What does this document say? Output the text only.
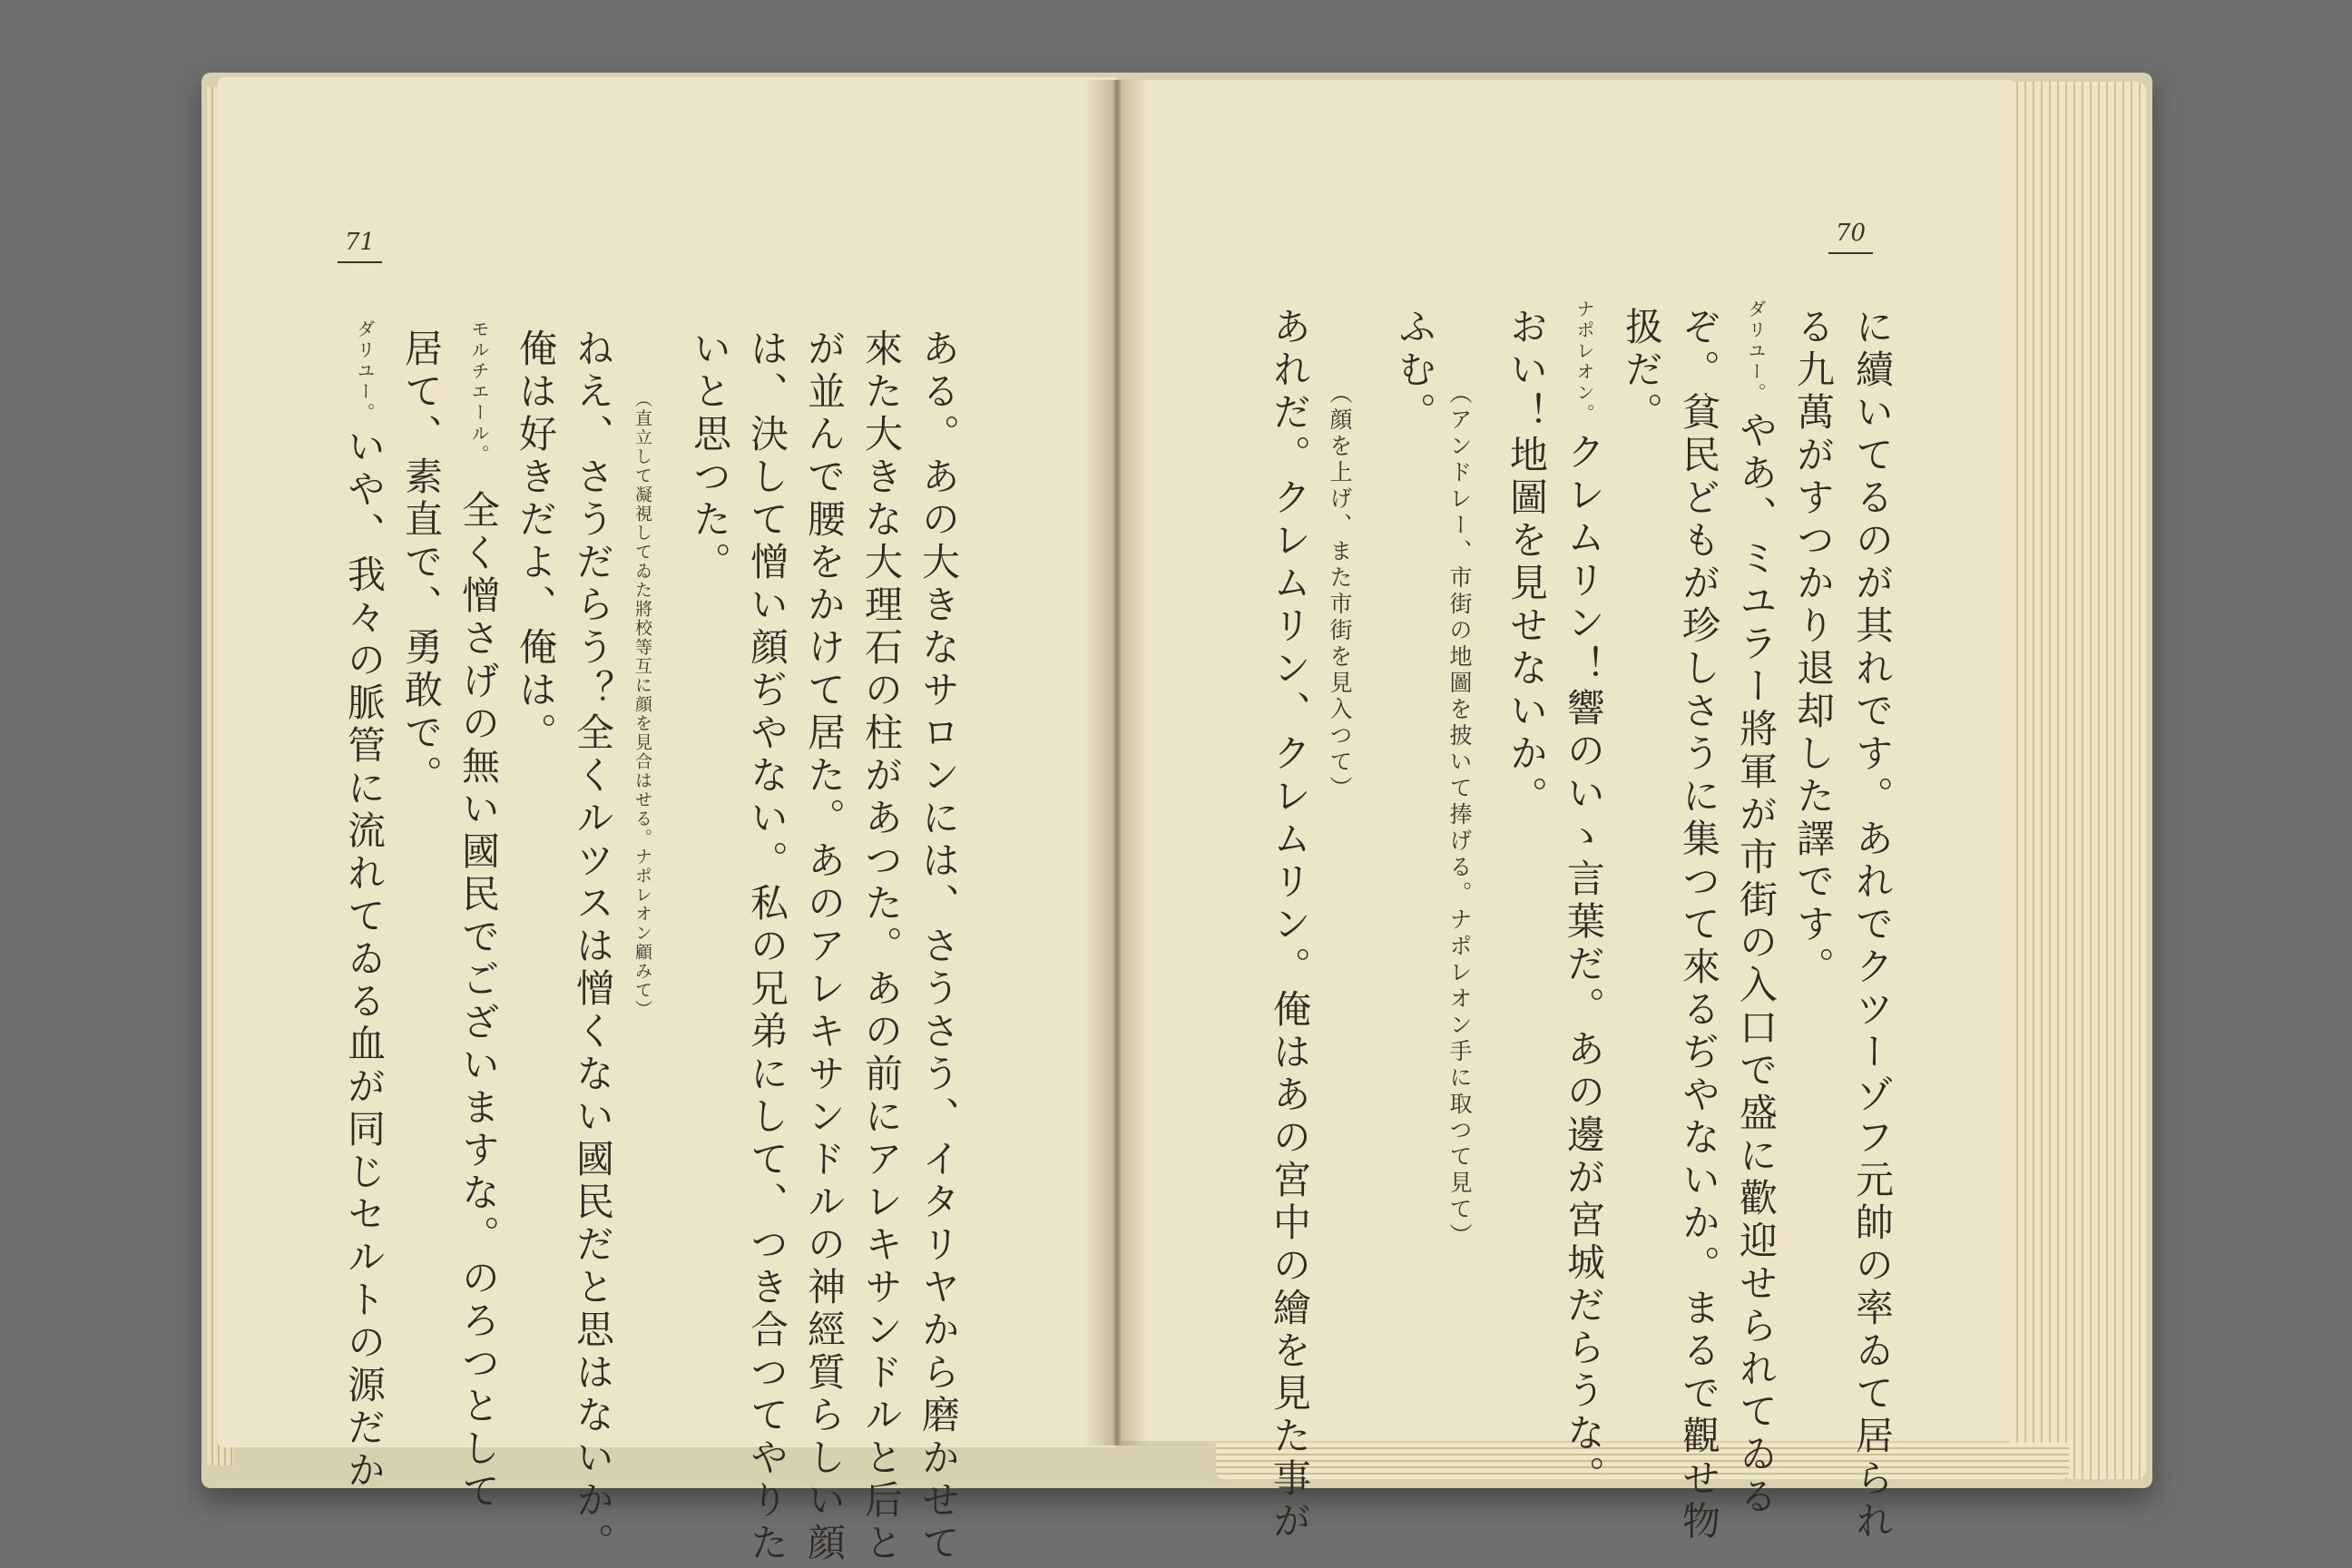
71	70
に續いてるのが其れです。あれでクツーゾフ元帥の率ゐて居られ
る九萬がすつかり退却した譯です。
ダリユー。
やあ、ミユラー將軍が市街の入口で盛に歡迎せられてゐる
ぞ。貧民どもが珍しさうに集つて來るぢやないか。まるで觀せ物
扱だ。
ナポレオン。
クレムリン！響のいゝ言葉だ。あの邊が宮城だらうな。
おい！地圖を見せないか。
（アンドレー、市街の地圖を披いて捧げる。ナポレオン手に取つて見て）
ふむ。
（顔を上げ、また市街を見入つて）
あれだ。クレムリン、クレムリン。俺はあの宮中の繪を見た事が
ある。あの大きなサロンには、さうさう、イタリヤから磨かせて
來た大きな大理石の柱があつた。あの前にアレキサンドルと后と
が並んで腰をかけて居た。あのアレキサンドルの神經質らしい顔
は、決して憎い顔ぢやない。私の兄弟にして、つき合つてやりた
いと思つた。
（直立して凝視してゐた將校等互に顔を見合はせる。ナポレオン顧みて）
ねえ、さうだらう？全くルツスは憎くない國民だと思はないか。
俺は好きだよ、俺は。
モルチエール。
全く憎さげの無い國民でございますな。のろつとして
居て、素直で、勇敢で。
ダリユー。
いや、我々の脈管に流れてゐる血が同じセルトの源だか
